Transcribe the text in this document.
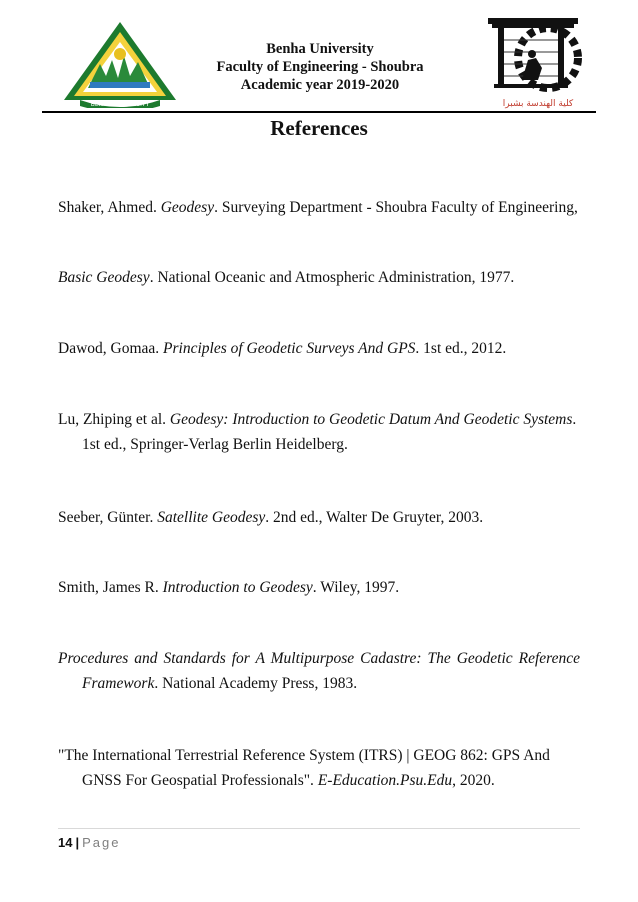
BENHA UNIVERSITY
Benha University
Faculty of Engineering - Shoubra
Academic year 2019-2020
كلية الهندسة بشبرا
References
Shaker, Ahmed. Geodesy. Surveying Department - Shoubra Faculty of Engineering,
Basic Geodesy. National Oceanic and Atmospheric Administration, 1977.
Dawod, Gomaa. Principles of Geodetic Surveys And GPS. 1st ed., 2012.
Lu, Zhiping et al. Geodesy: Introduction to Geodetic Datum And Geodetic Systems. 1st ed., Springer-Verlag Berlin Heidelberg.
Seeber, Günter. Satellite Geodesy. 2nd ed., Walter De Gruyter, 2003.
Smith, James R. Introduction to Geodesy. Wiley, 1997.
Procedures and Standards for A Multipurpose Cadastre: The Geodetic Reference Framework. National Academy Press, 1983.
"The International Terrestrial Reference System (ITRS) | GEOG 862: GPS And GNSS For Geospatial Professionals". E-Education.Psu.Edu, 2020.
14 | Page
